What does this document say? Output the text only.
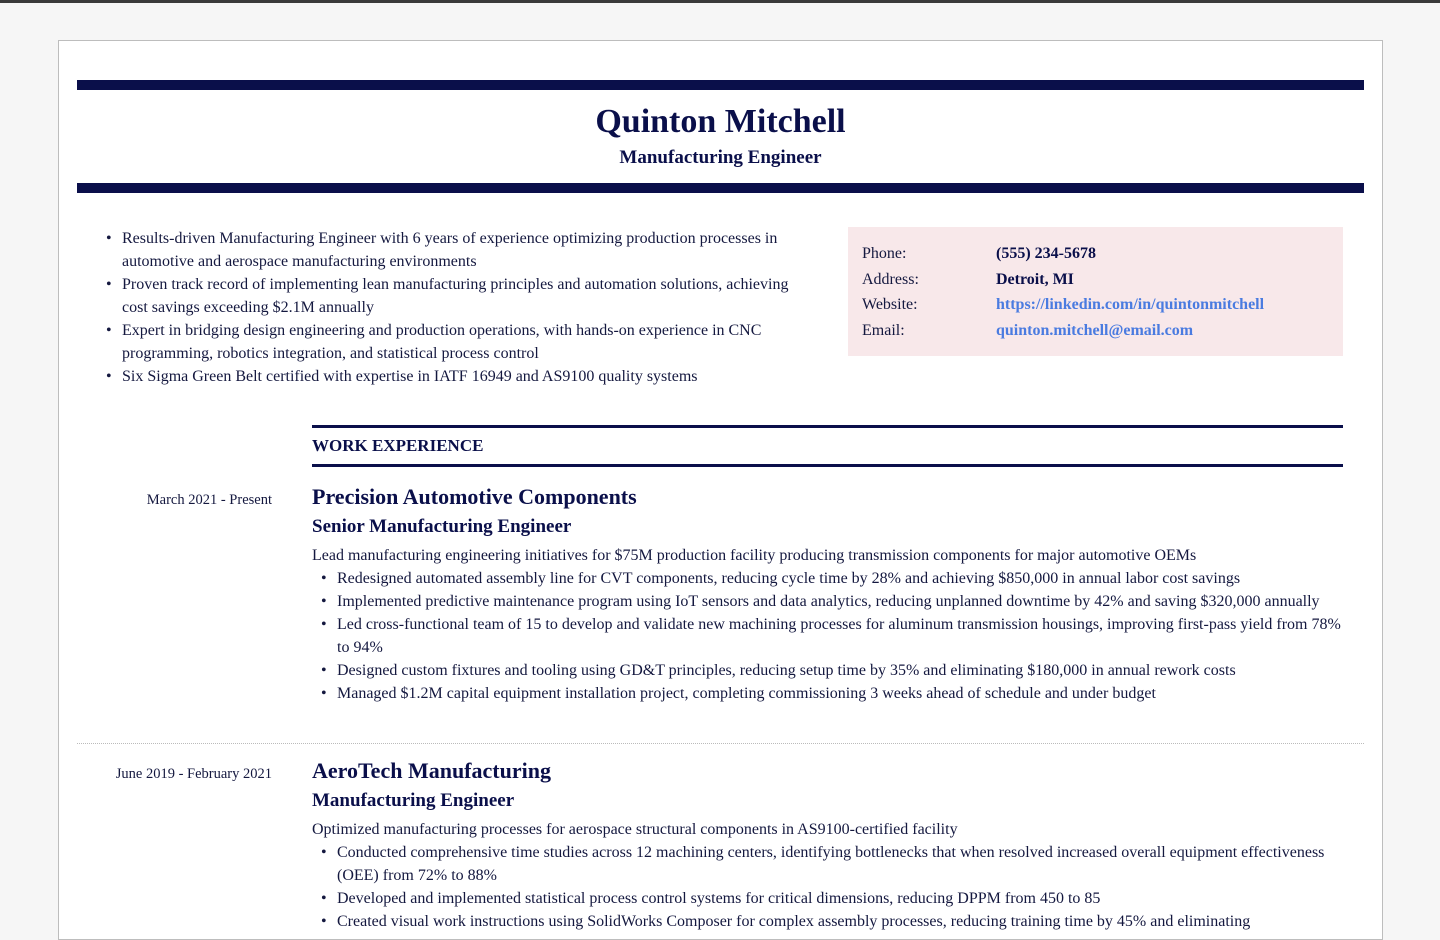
Quinton Mitchell
Manufacturing Engineer
• Results-driven Manufacturing Engineer with 6 years of experience optimizing production processes in automotive and aerospace manufacturing environments
• Proven track record of implementing lean manufacturing principles and automation solutions, achieving cost savings exceeding $2.1M annually
• Expert in bridging design engineering and production operations, with hands-on experience in CNC programming, robotics integration, and statistical process control
• Six Sigma Green Belt certified with expertise in IATF 16949 and AS9100 quality systems
Phone:	(555) 234-5678
Address:	Detroit, MI
Website:	https://linkedin.com/in/quintonmitchell
Email:	quinton.mitchell@email.com
WORK EXPERIENCE
March 2021 - Present Precision Automotive Components
Senior Manufacturing Engineer
Lead manufacturing engineering initiatives for $75M production facility producing transmission components for major automotive OEMs
• Redesigned automated assembly line for CVT components, reducing cycle time by 28% and achieving $850,000 in annual labor cost savings
• Implemented predictive maintenance program using IoT sensors and data analytics, reducing unplanned downtime by 42% and saving $320,000 annually
• Led cross-functional team of 15 to develop and validate new machining processes for aluminum transmission housings, improving first-pass yield from 78% to 94%
• Designed custom fixtures and tooling using GD&T principles, reducing setup time by 35% and eliminating $180,000 in annual rework costs
• Managed $1.2M capital equipment installation project, completing commissioning 3 weeks ahead of schedule and under budget
June 2019 - February 2021 AeroTech Manufacturing
Manufacturing Engineer
Optimized manufacturing processes for aerospace structural components in AS9100-certified facility
• Conducted comprehensive time studies across 12 machining centers, identifying bottlenecks that when resolved increased overall equipment effectiveness (OEE) from 72% to 88%
• Developed and implemented statistical process control systems for critical dimensions, reducing DPPM from 450 to 85
• Created visual work instructions using SolidWorks Composer for complex assembly processes, reducing training time by 45% and eliminating
